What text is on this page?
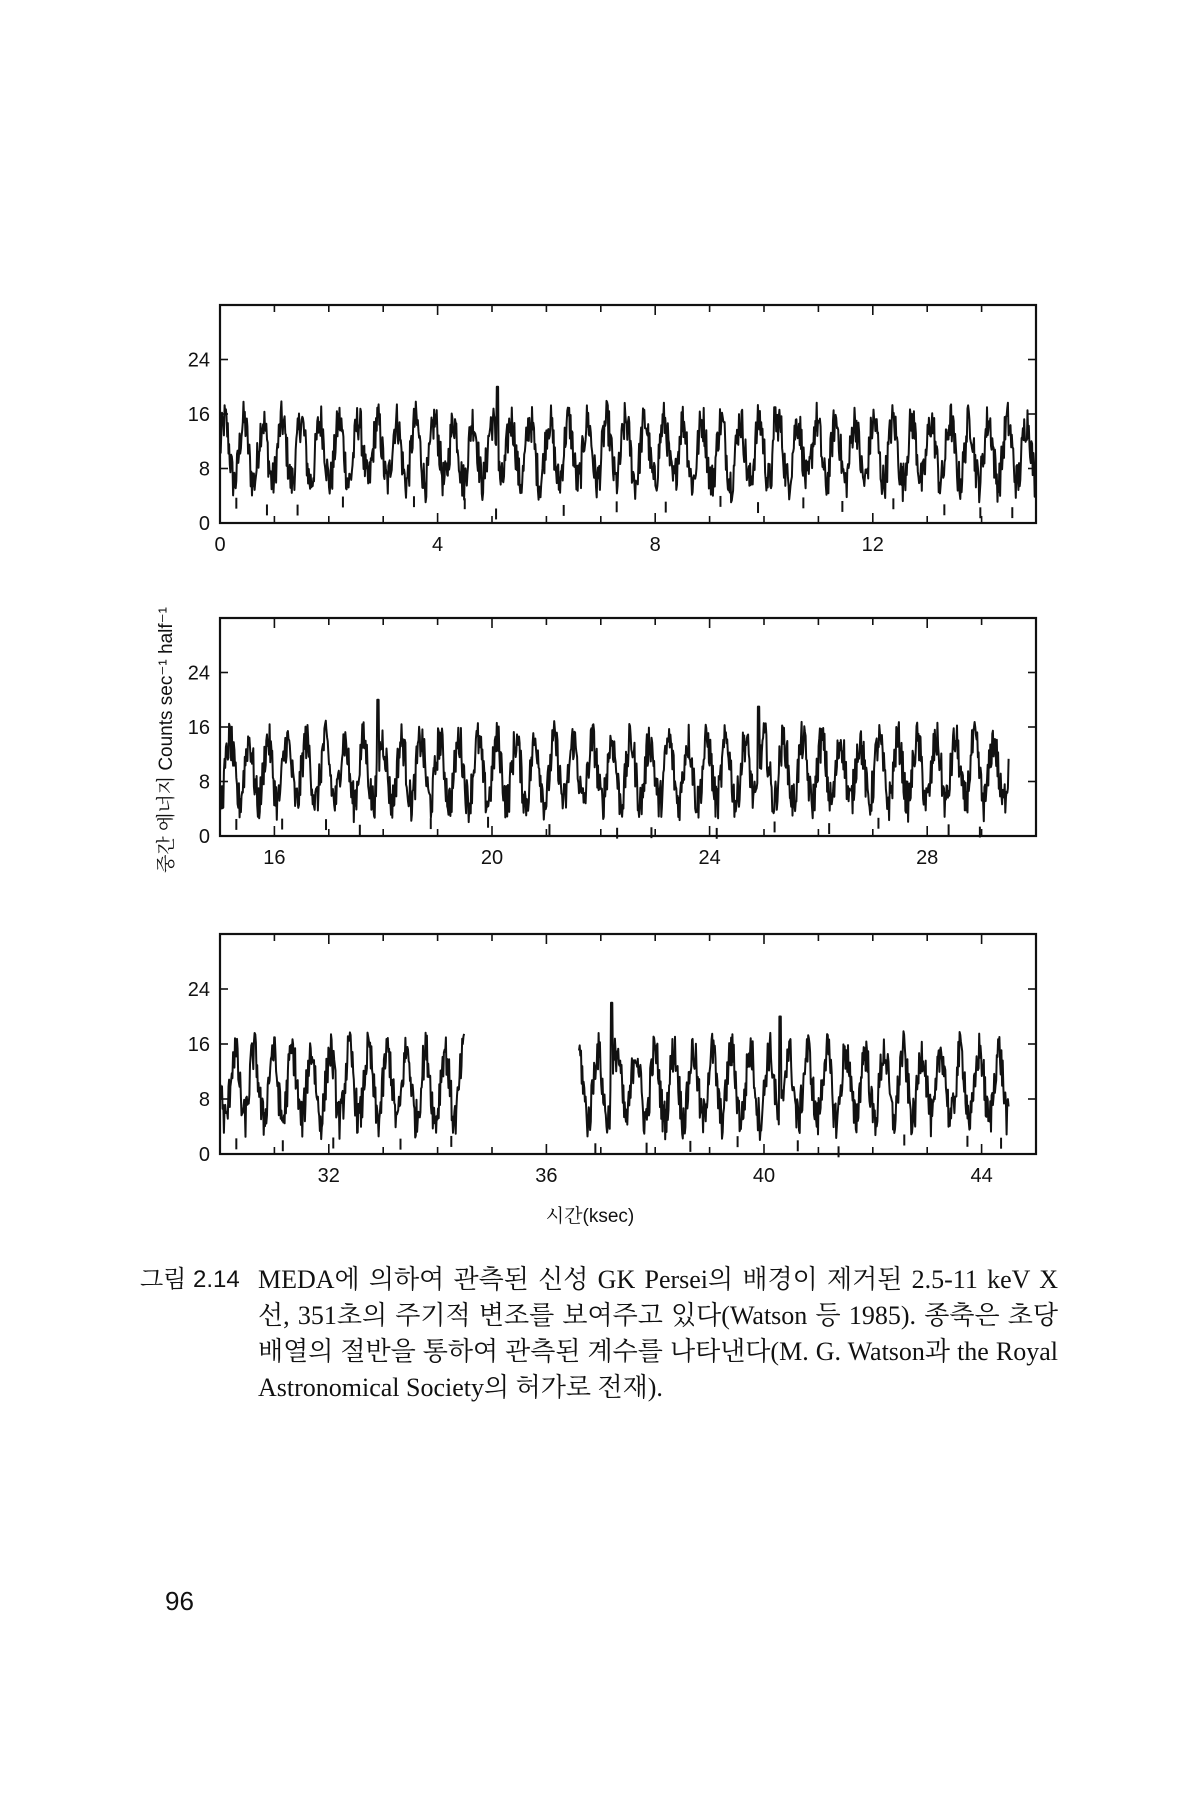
0
8
16
24
0	4	8	12
0
8
16
24
16	20	24	28
0
8
16
24
32	36	40	44
중간 에너지 Counts sec⁻¹ half⁻¹
시간(ksec)
그림 2.14 MEDA에 의하여 관측된 신성 GK Persei의 배경이 제거된 2.5-11 keV X선, 351초의 주기적 변조를 보여주고 있다(Watson 등 1985). 종축은 초당 배열의 절반을 통하여 관측된 계수를 나타낸다(M. G. Watson과 the Royal Astronomical Society의 허가로 전재).
96
